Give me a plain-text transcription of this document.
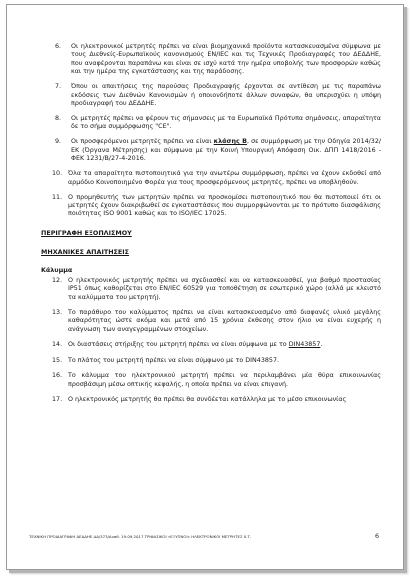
6.	Οι ηλεκτρονικοί μετρητές πρέπει να είναι βιομηχανικά προϊόντα κατασκευασμένα σύμφωνα με τους Διεθνείς-Ευρωπαϊκούς κανονισμούς EN/IEC και τις Τεχνικές Προδιαγραφές του ΔΕΔΔΗΕ, που αναφέρονται παραπάνω και είναι σε ισχύ κατά την ημέρα υποβολής των προσφορών καθώς και την ημέρα της εγκατάστασης και της παράδοσης.
7.	Όπου οι απαιτήσεις της παρούσας Προδιαγραφής έρχονται σε αντίθεση με τις παραπάνω εκδόσεις των Διεθνών Κανονισμών ή οποιονδήποτε άλλων συναφών, θα υπερισχύει η υπόψη προδιαγραφή του ΔΕΔΔΗΕ.
8.	Οι μετρητές πρέπει να φέρουν τις σήμανσεις με τα Ευρωπαϊκά Πρότυπα σημάνσεις, απαραίτητα δε το σήμα συμμόρφωσης "CE".
9.	Οι προσφερόμενοι μετρητές πρέπει να είναι κλάσης B, σε συμμόρφωση με την Οδηγία 2014/32/ΕΚ (Όργανα Μέτρησης) και σύμφωνα με την Κοινή Υπουργική Απόφαση Οικ. ΔΠΠ 1418/2016 - ΦΕΚ 1231/Β/27-4-2016.
10. Όλα τα απαραίτητα πιστοποιητικά για την ανωτέρω συμμόρφωση, πρέπει να έχουν εκδοθεί από αρμόδιο Κοινοποιημένο Φορέα για τους προσφερόμενους μετρητές, πρέπει να υποβληθούν.
11. Ο προμηθευτής των μετρητών πρέπει να προσκομίσει πιστοποιητικό που θα πιστοποιεί ότι οι μετρητές έχουν διακριβωθεί σε εγκαταστάσεις που συμμορφώνονται με το πρότυπο διασφάλισης ποιότητας ISO 9001 καθώς και το ISO/IEC 17025.

ΠΕΡΙΓΡΑΦΗ ΕΞΟΠΛΙΣΜΟΥ

ΜΗΧΑΝΙΚΕΣ ΑΠΑΙΤΗΣΕΙΣ

Κάλυμμα
12. Ο ηλεκτρονικός μετρητής πρέπει να σχεδιασθεί και να κατασκευασθεί, για βαθμό προστασίας IP51 όπως καθορίζεται στο EN/IEC 60529 για τοποθέτηση σε εσωτερικό χώρο (αλλά με κλειστό τα καλύμματα του μετρητή).
13. Το παράθυρο του καλύμματος πρέπει να είναι κατασκευασμένο από διαφανές υλικό μεγάλης καθαρότητας ώστε ακόμα και μετά από 15 χρόνια έκθεσης στον ήλιο να είναι ευχερής η ανάγνωση των αναγεγραμμένων στοιχείων.
14. Οι διαστάσεις στήριξης του μετρητή πρέπει να είναι σύμφωνα με το DIN43857.
15. Το πλάτος του μετρητή πρέπει να είναι σύμφωνο με το DIN43857.
16. Το κάλυμμα του ηλεκτρονικού μετρητή πρέπει να περιλαμβάνει μία θύρα επικοινωνίας προσβάσιμη μέσω οπτικής κεφαλής, η οποία πρέπει να είναι επιγανή.
17. Ο ηλεκτρονικός μετρητής θα πρέπει θα συνδέεται κατάλληλα με το μέσο επικοινωνίας
ΤΕΧΝΙΚΗ ΠΡΟΔΙΑΓΡΑΦΗ ΔΕΔΔΗΕ ΔΔ/373/Αναθ. 19.09.2017 ΤΡΙΦΑΣΙΚΟΙ «ΕΞΥΠΝΟΙ» ΗΛΕΚΤΡΟΝΙΚΟΙ ΜΕΤΡΗΤΕΣ Χ.Τ.	6
